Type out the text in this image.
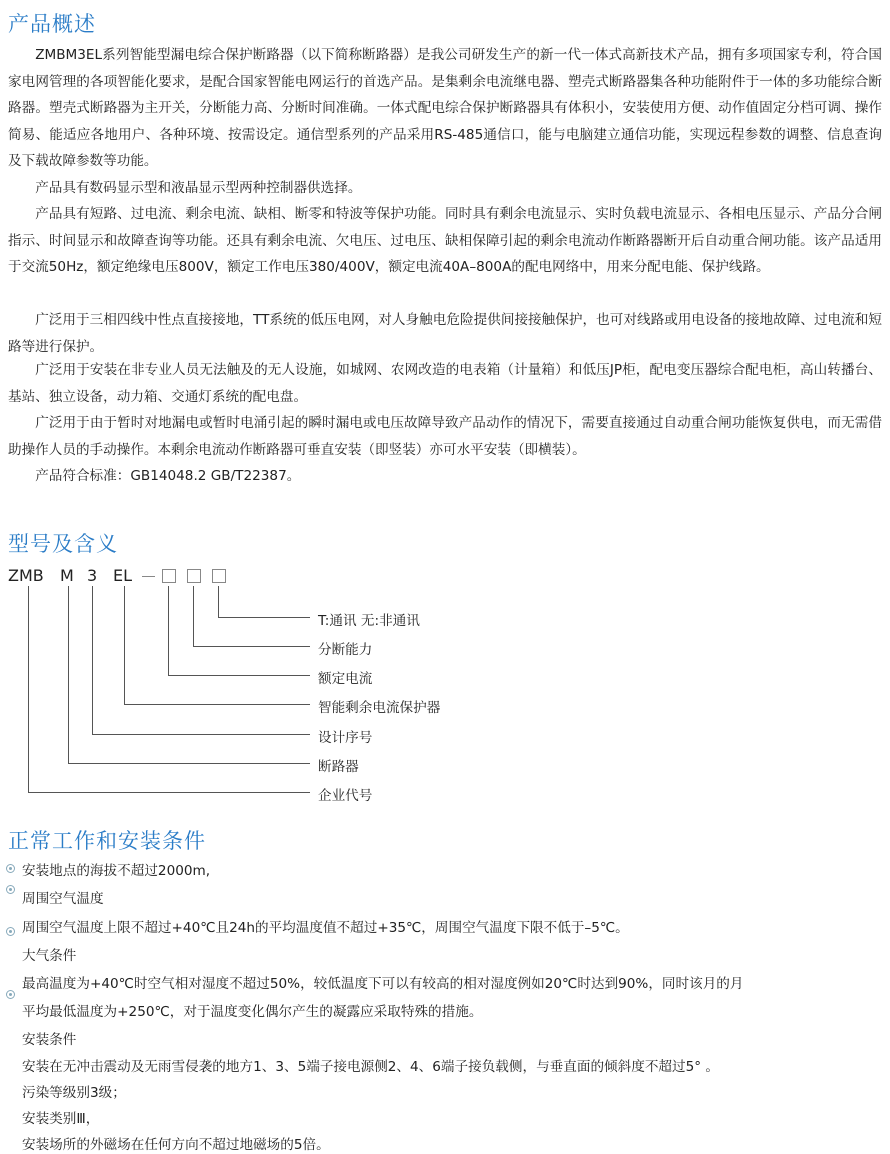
产品概述

ZMBM3EL系列智能型漏电综合保护断路器（以下简称断路器）是我公司研发生产的新一代一体式高新技术产品，拥有多项国家专利，符合国家电网管理的各项智能化要求，是配合国家智能电网运行的首选产品。是集剩余电流继电器、塑壳式断路器集各种功能附件于一体的多功能综合断路器。塑壳式断路器为主开关，分断能力高、分断时间准确。一体式配电综合保护断路器具有体积小，安装使用方便、动作值固定分档可调、操作简易、能适应各地用户、各种环境、按需设定。通信型系列的产品采用RS-485通信口，能与电脑建立通信功能，实现远程参数的调整、信息查询及下载故障参数等功能。

产品具有数码显示型和液晶显示型两种控制器供选择。

产品具有短路、过电流、剩余电流、缺相、断零和特波等保护功能。同时具有剩余电流显示、实时负载电流显示、各相电压显示、产品分合闸指示、时间显示和故障查询等功能。还具有剩余电流、欠电压、过电压、缺相保障引起的剩余电流动作断路器断开后自动重合闸功能。该产品适用于交流50Hz，额定绝缘电压800V，额定工作电压380/400V，额定电流40A–800A的配电网络中，用来分配电能、保护线路。

广泛用于三相四线中性点直接接地，TT系统的低压电网，对人身触电危险提供间接接触保护，也可对线路或用电设备的接地故障、过电流和短路等进行保护。

广泛用于安装在非专业人员无法触及的无人设施，如城网、农网改造的电表箱（计量箱）和低压JP柜，配电变压器综合配电柜，高山转播台、基站、独立设备，动力箱、交通灯系统的配电盘。

广泛用于由于暂时对地漏电或暂时电涌引起的瞬时漏电或电压故障导致产品动作的情况下，需要直接通过自动重合闸功能恢复供电，而无需借助操作人员的手动操作。本剩余电流动作断路器可垂直安装（即竖装）亦可水平安装（即横装）。

产品符合标准：GB14048.2 GB/T22387。

型号及含义
ZMB M 3 EL
T:通讯 无:非通讯
分断能力
额定电流
智能剩余电流保护器
设计序号
断路器
企业代号
正常工作和安装条件
安装地点的海拔不超过2000m,
周围空气温度
周围空气温度上限不超过+40℃且24h的平均温度值不超过+35℃，周围空气温度下限不低于–5℃。
大气条件
最高温度为+40℃时空气相对湿度不超过50%，较低温度下可以有较高的相对湿度例如20℃时达到90%，同时该月的月
平均最低温度为+250℃，对于温度变化偶尔产生的凝露应采取特殊的措施。
安装条件
安装在无冲击震动及无雨雪侵袭的地方1、3、5端子接电源侧2、4、6端子接负载侧，与垂直面的倾斜度不超过5° 。
污染等级别3级；
安装类别Ⅲ，
安装场所的外磁场在任何方向不超过地磁场的5倍。
